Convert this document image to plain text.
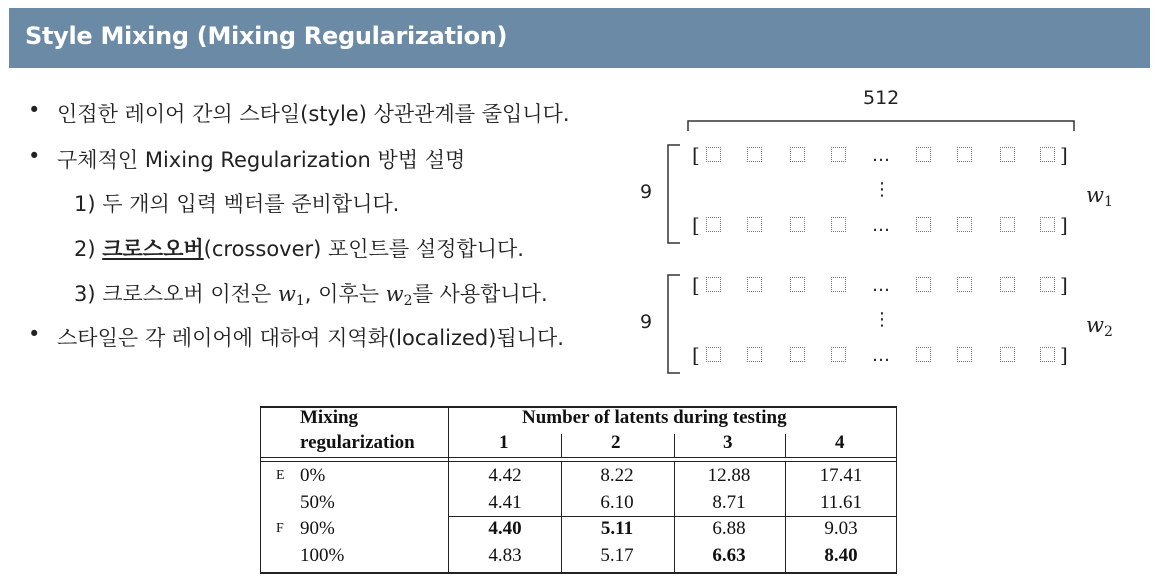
Style Mixing (Mixing Regularization)
• 인접한 레이어 간의 스타일(style) 상관관계를 줄입니다.
• 구체적인 Mixing Regularization 방법 설명
1) 두 개의 입력 벡터를 준비합니다.
2) 크로스오버(crossover) 포인트를 설정합니다.
3) 크로스오버 이전은 $w_1$, 이후는 $w_2$를 사용합니다.
• 스타일은 각 레이어에 대하여 지역화(localized)됩니다.
512
9
9
[	…	]
[	…	]
[	…	]
[	…	]
⋮
⋮
$w_1$
$w_2$
Mixing
regularization
Number of latents during testing
1	2	3	4
E 0%	4.42	8.22	12.88	17.41
50%	4.41	6.10	8.71	11.61
F 90%	4.40	5.11	6.88	9.03
100%	4.83	5.17	6.63	8.40
